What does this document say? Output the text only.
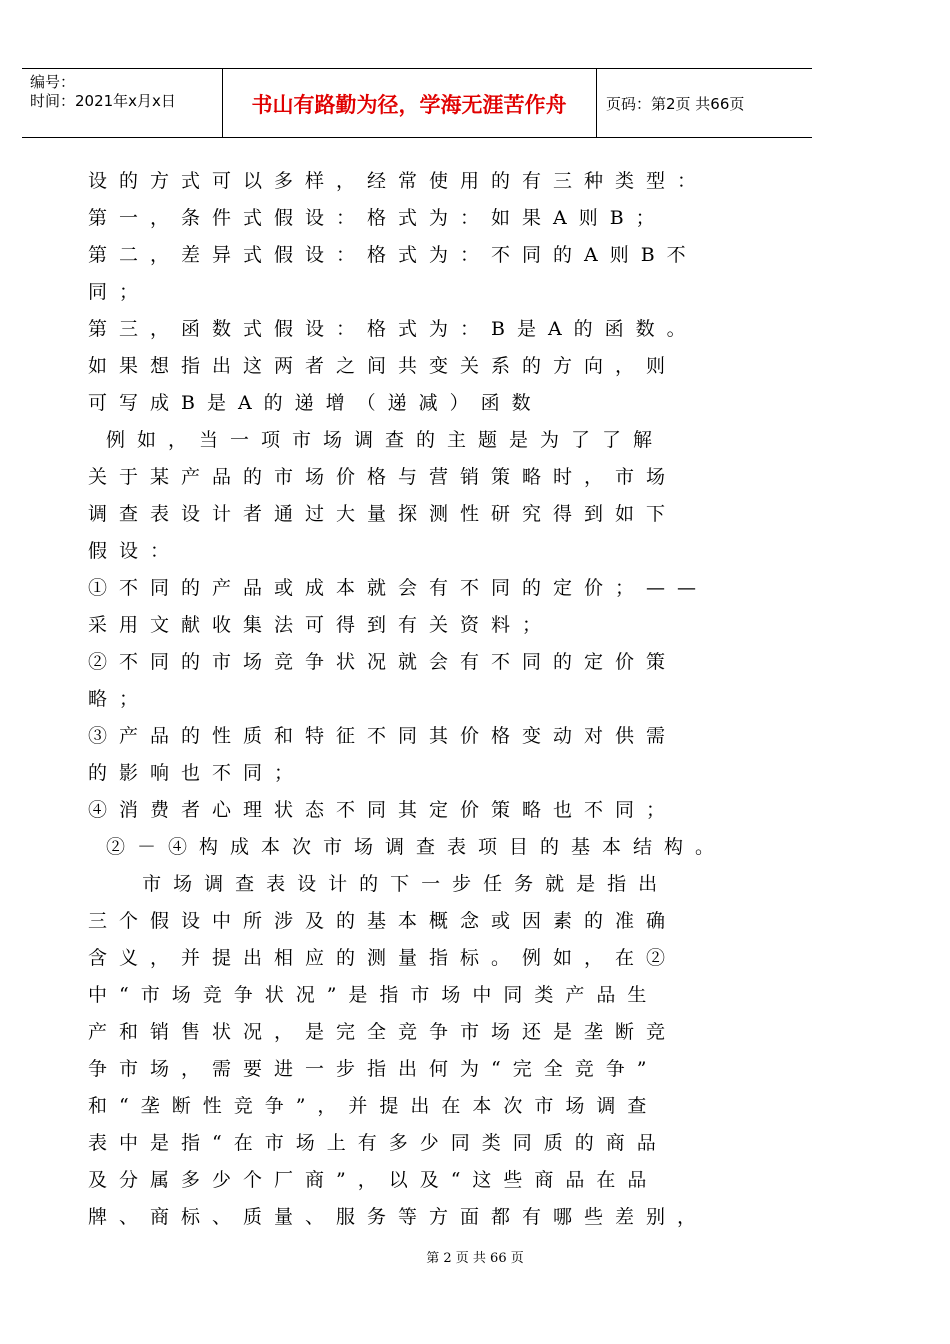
编号：
时间：2021年x月x日	书山有路勤为径，学海无涯苦作舟	页码：第2页 共66页
设的方式可以多样，经常使用的有三种类型：
第一，条件式假设：格式为：如果A则B；
第二，差异式假设：格式为：不同的A则B不
同；
第三，函数式假设：格式为：B是A的函数。
如果想指出这两者之间共变关系的方向，则
可写成B是A的递增（递减）函数
例如，当一项市场调查的主题是为了了解
关于某产品的市场价格与营销策略时，市场
调查表设计者通过大量探测性研究得到如下
假设：
①不同的产品或成本就会有不同的定价；——
采用文献收集法可得到有关资料；
②不同的市场竞争状况就会有不同的定价策
略；
③产品的性质和特征不同其价格变动对供需
的影响也不同；
④消费者心理状态不同其定价策略也不同；
②－④构成本次市场调查表项目的基本结构。
市场调查表设计的下一步任务就是指出
三个假设中所涉及的基本概念或因素的准确
含义，并提出相应的测量指标。例如，在②
中“市场竞争状况”是指市场中同类产品生
产和销售状况，是完全竞争市场还是垄断竞
争市场，需要进一步指出何为“完全竞争”
和“垄断性竞争”，并提出在本次市场调查
表中是指“在市场上有多少同类同质的商品
及分属多少个厂商”，以及“这些商品在品
牌、商标、质量、服务等方面都有哪些差别，
第 2 页 共 66 页
